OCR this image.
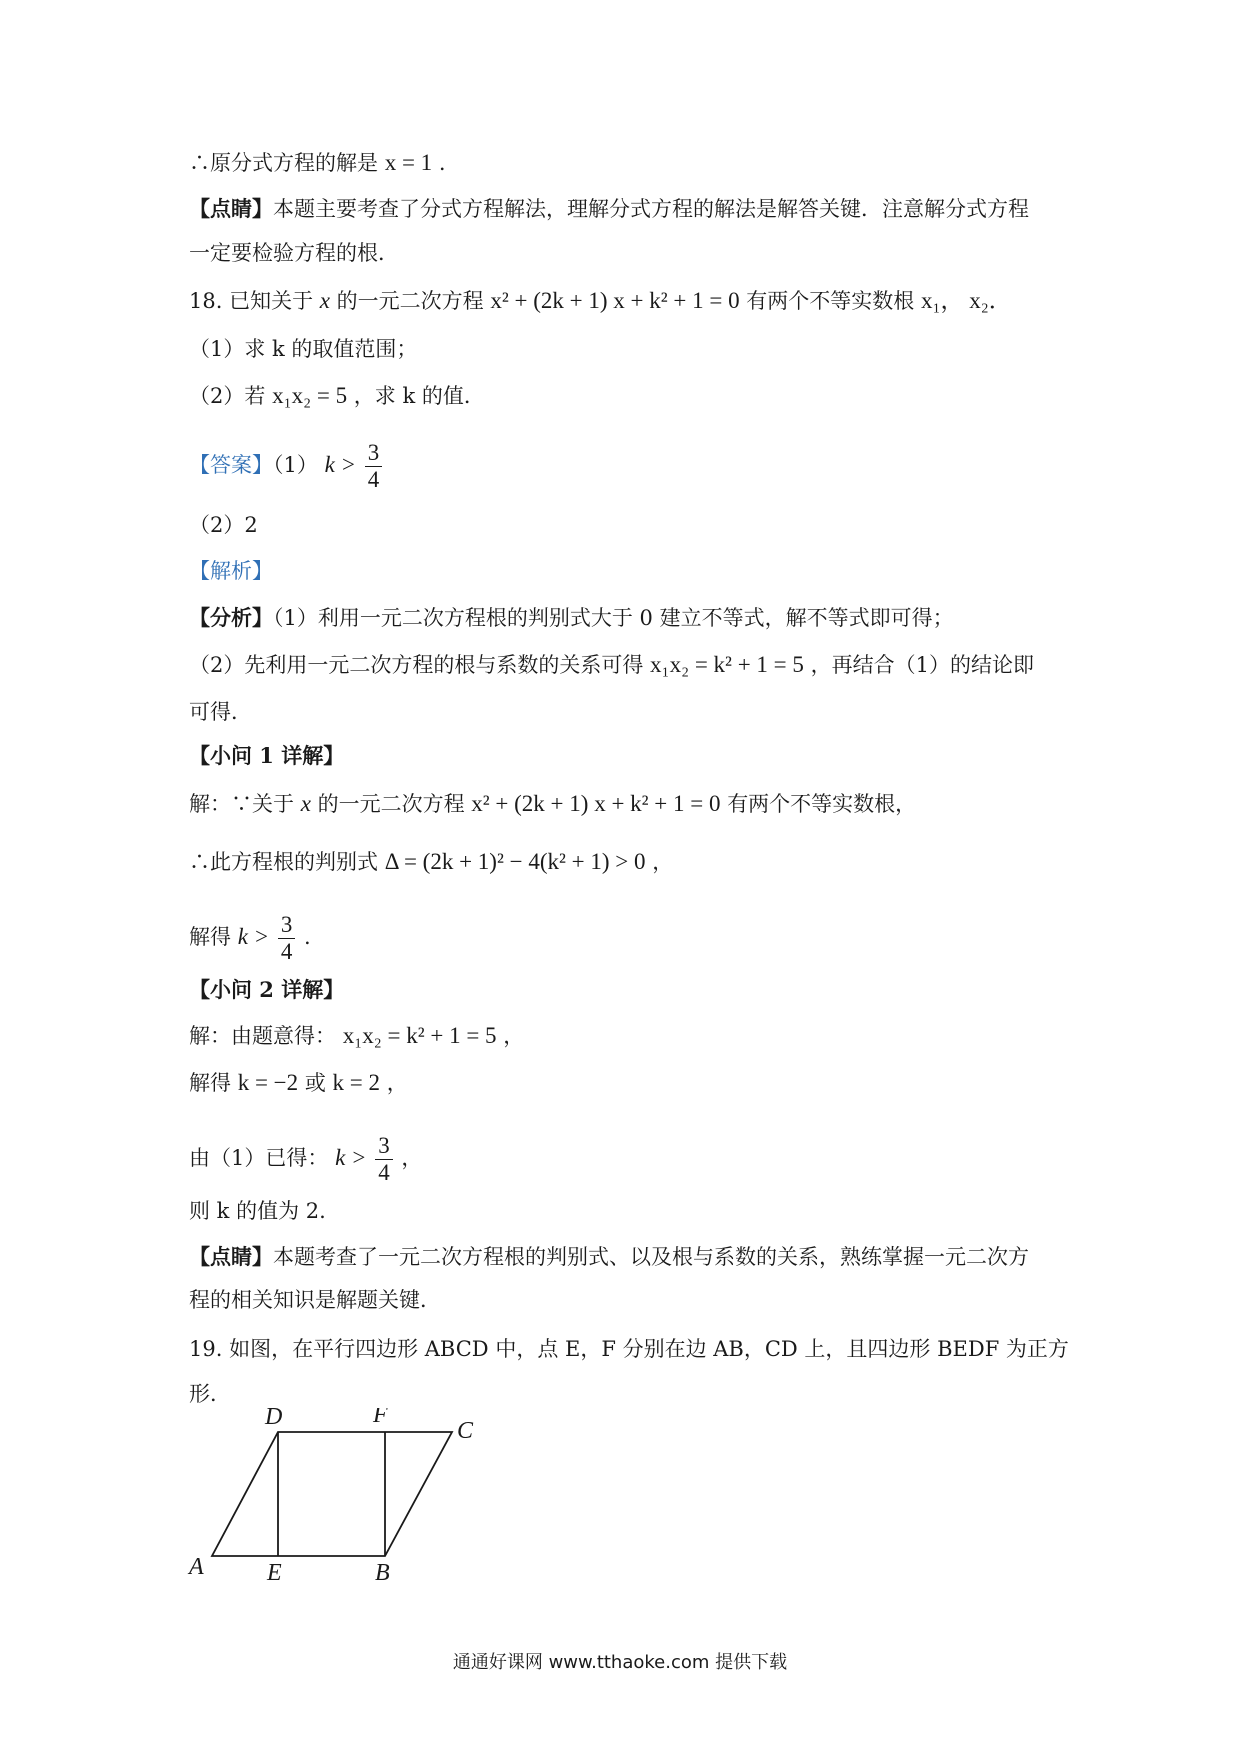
∴原分式方程的解是 x = 1 .
【点睛】本题主要考查了分式方程解法，理解分式方程的解法是解答关键．注意解分式方程
一定要检验方程的根．
18. 已知关于 x 的一元二次方程 x² + (2k + 1) x + k² + 1 = 0 有两个不等实数根 x₁， x₂．
（1）求 k 的取值范围；
（2）若 x₁x₂ = 5 ，求 k 的值．
【答案】（1） $k > \frac{3}{4}$
（2）2
【解析】
【分析】（1）利用一元二次方程根的判别式大于 0 建立不等式，解不等式即可得；
（2）先利用一元二次方程的根与系数的关系可得 x₁x₂ = k² + 1 = 5 ，再结合（1）的结论即
可得．
【小问 1 详解】
解：∵关于 x 的一元二次方程 x² + (2k + 1) x + k² + 1 = 0 有两个不等实数根，
∴此方程根的判别式 Δ = (2k + 1)² − 4(k² + 1) > 0 ，
解得 $k > \frac{3}{4}$ .
【小问 2 详解】
解：由题意得： x₁x₂ = k² + 1 = 5 ，
解得 k = −2 或 k = 2 ，
由（1）已得： $k > \frac{3}{4}$ ，
则 k 的值为 2.
【点睛】本题考查了一元二次方程根的判别式、以及根与系数的关系，熟练掌握一元二次方
程的相关知识是解题关键．
19. 如图，在平行四边形 ABCD 中，点 E，F 分别在边 AB，CD 上，且四边形 BEDF 为正方
形．
A	E	B
C
D	F
通通好课网 www.tthaoke.com 提供下载
